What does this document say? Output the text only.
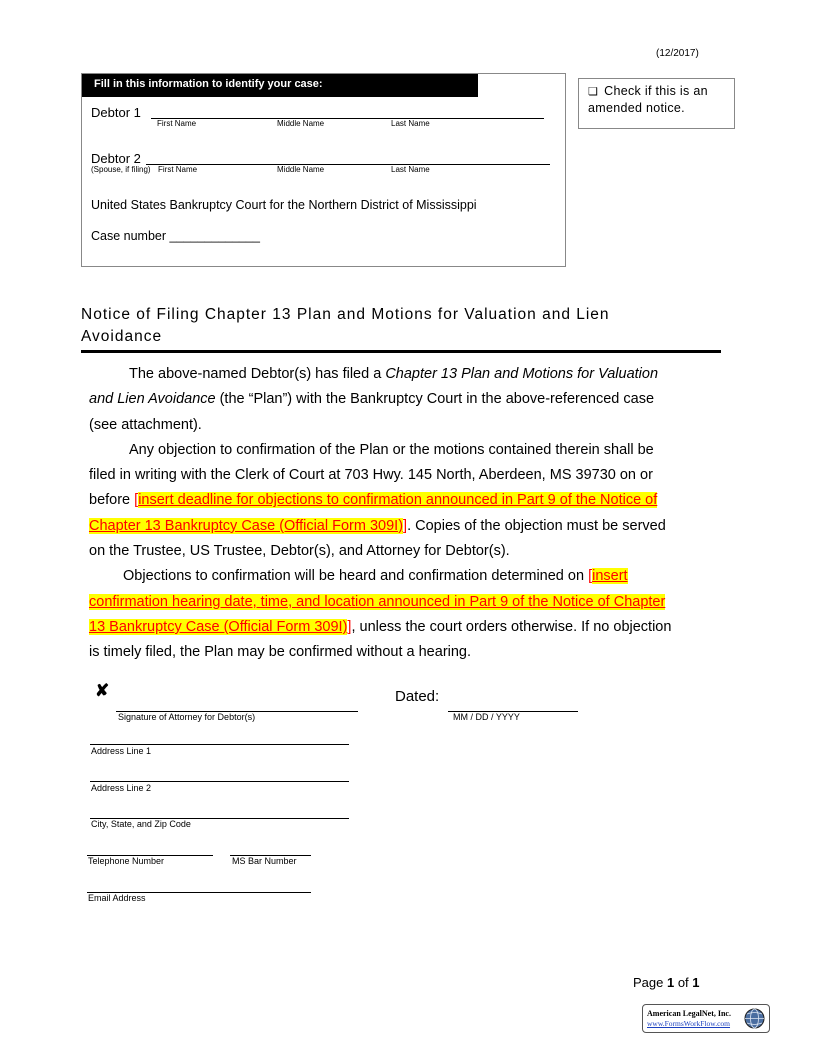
(12/2017)
Fill in this information to identify your case:
Debtor 1
First Name	Middle Name	Last Name
Debtor 2
(Spouse, if filing) First Name	Middle Name	Last Name
United States Bankruptcy Court for the Northern District of Mississippi
Case number _____________
❏ Check if this is an
amended notice.
Notice of Filing Chapter 13 Plan and Motions for Valuation and Lien
Avoidance
The above-named Debtor(s) has filed a Chapter 13 Plan and Motions for Valuation
and Lien Avoidance (the “Plan”) with the Bankruptcy Court in the above-referenced case
(see attachment).
Any objection to confirmation of the Plan or the motions contained therein shall be
filed in writing with the Clerk of Court at 703 Hwy. 145 North, Aberdeen, MS 39730 on or
before [insert deadline for objections to confirmation announced in Part 9 of the Notice of
Chapter 13 Bankruptcy Case (Official Form 309I)]. Copies of the objection must be served
on the Trustee, US Trustee, Debtor(s), and Attorney for Debtor(s).
Objections to confirmation will be heard and confirmation determined on [insert
confirmation hearing date, time, and location announced in Part 9 of the Notice of Chapter
13 Bankruptcy Case (Official Form 309I)], unless the court orders otherwise. If no objection
is timely filed, the Plan may be confirmed without a hearing.
✘
Signature of Attorney for Debtor(s)
Dated:
MM / DD / YYYY
Address Line 1
Address Line 2
City, State, and Zip Code
Telephone Number	MS Bar Number
Email Address
Page 1 of 1
American LegalNet, Inc.
www.FormsWorkFlow.com
